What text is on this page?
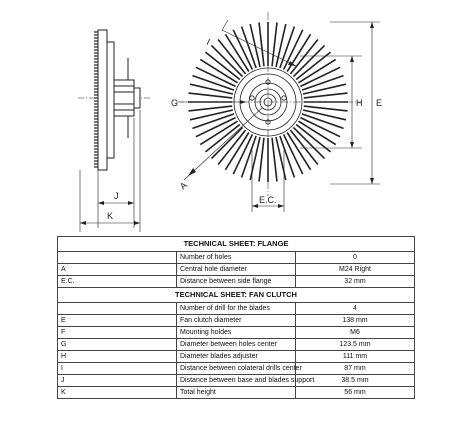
J
K
I
G
A
H E
E.C.
TECHNICAL SHEET: FLANGE		
	Number of holes	0
A	Central hole diameter	M24 Right
E.C.	Distance between side flange	32 mm
TECHNICAL SHEET: FAN CLUTCH		
	Number of drill for the blades	4
E	Fan clutch diameter	138 mm
F	Mounting holdes	M6
G	Diameter between holes center	123.5 mm
H	Diameter blades adjuster	111 mm
I	Distance between colateral drills center	87 mm
J	Distance between base and blades support	38.5 mm
K	Total height	56 mm
